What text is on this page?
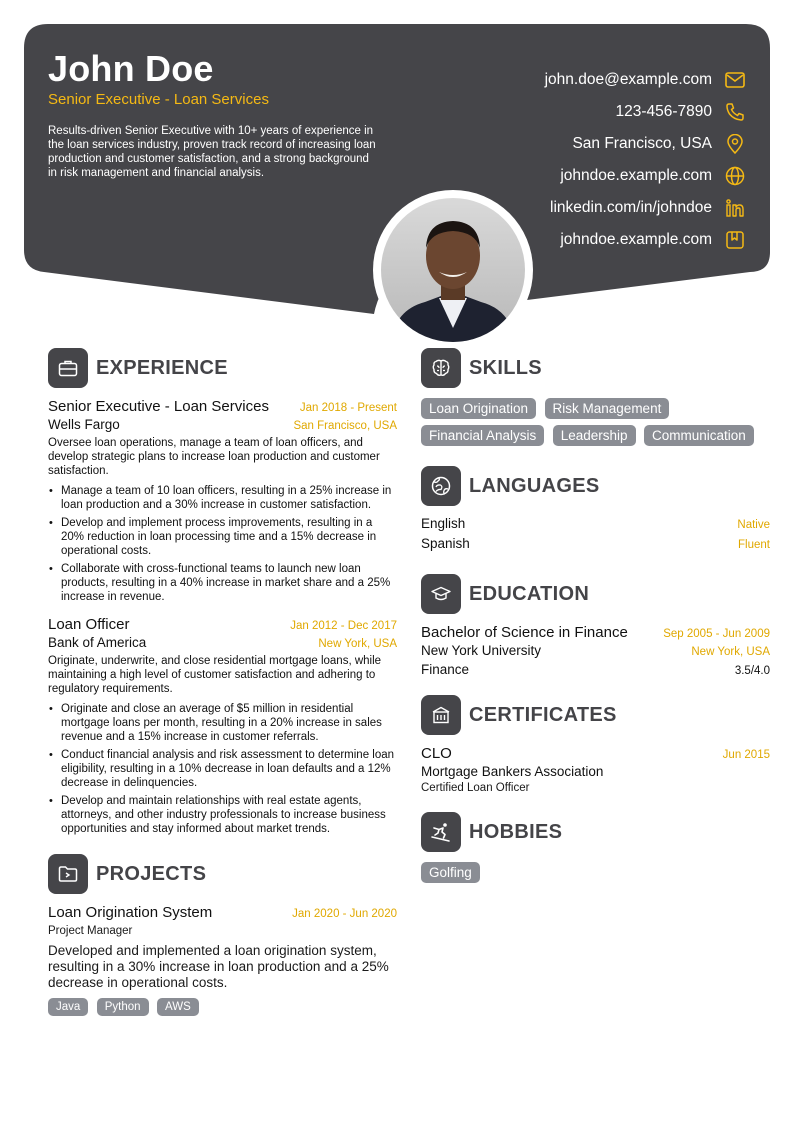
John Doe
Senior Executive - Loan Services
Results-driven Senior Executive with 10+ years of experience in the loan services industry, proven track record of increasing loan production and customer satisfaction, and a strong background in risk management and financial analysis.
john.doe@example.com
123-456-7890
San Francisco, USA
johndoe.example.com
linkedin.com/in/johndoe
johndoe.example.com
EXPERIENCE
Senior Executive - Loan Services	Jan 2018 - Present
Wells Fargo	San Francisco, USA
Oversee loan operations, manage a team of loan officers, and develop strategic plans to increase loan production and customer satisfaction.
• Manage a team of 10 loan officers, resulting in a 25% increase in loan production and a 30% increase in customer satisfaction.
• Develop and implement process improvements, resulting in a 20% reduction in loan processing time and a 15% decrease in operational costs.
• Collaborate with cross-functional teams to launch new loan products, resulting in a 40% increase in market share and a 25% increase in revenue.
Loan Officer	Jan 2012 - Dec 2017
Bank of America	New York, USA
Originate, underwrite, and close residential mortgage loans, while maintaining a high level of customer satisfaction and adhering to regulatory requirements.
• Originate and close an average of $5 million in residential mortgage loans per month, resulting in a 20% increase in sales revenue and a 15% increase in customer referrals.
• Conduct financial analysis and risk assessment to determine loan eligibility, resulting in a 10% decrease in loan defaults and a 12% decrease in delinquencies.
• Develop and maintain relationships with real estate agents, attorneys, and other industry professionals to increase business opportunities and stay informed about market trends.
PROJECTS
Loan Origination System	Jan 2020 - Jun 2020
Project Manager
Developed and implemented a loan origination system, resulting in a 30% increase in loan production and a 25% decrease in operational costs.
Java Python AWS
SKILLS
Loan Origination Risk Management Financial Analysis Leadership Communication
LANGUAGES
English	Native
Spanish	Fluent
EDUCATION
Bachelor of Science in Finance	Sep 2005 - Jun 2009
New York University	New York, USA
Finance	3.5/4.0
CERTIFICATES
CLO	Jun 2015
Mortgage Bankers Association
Certified Loan Officer
HOBBIES
Golfing
